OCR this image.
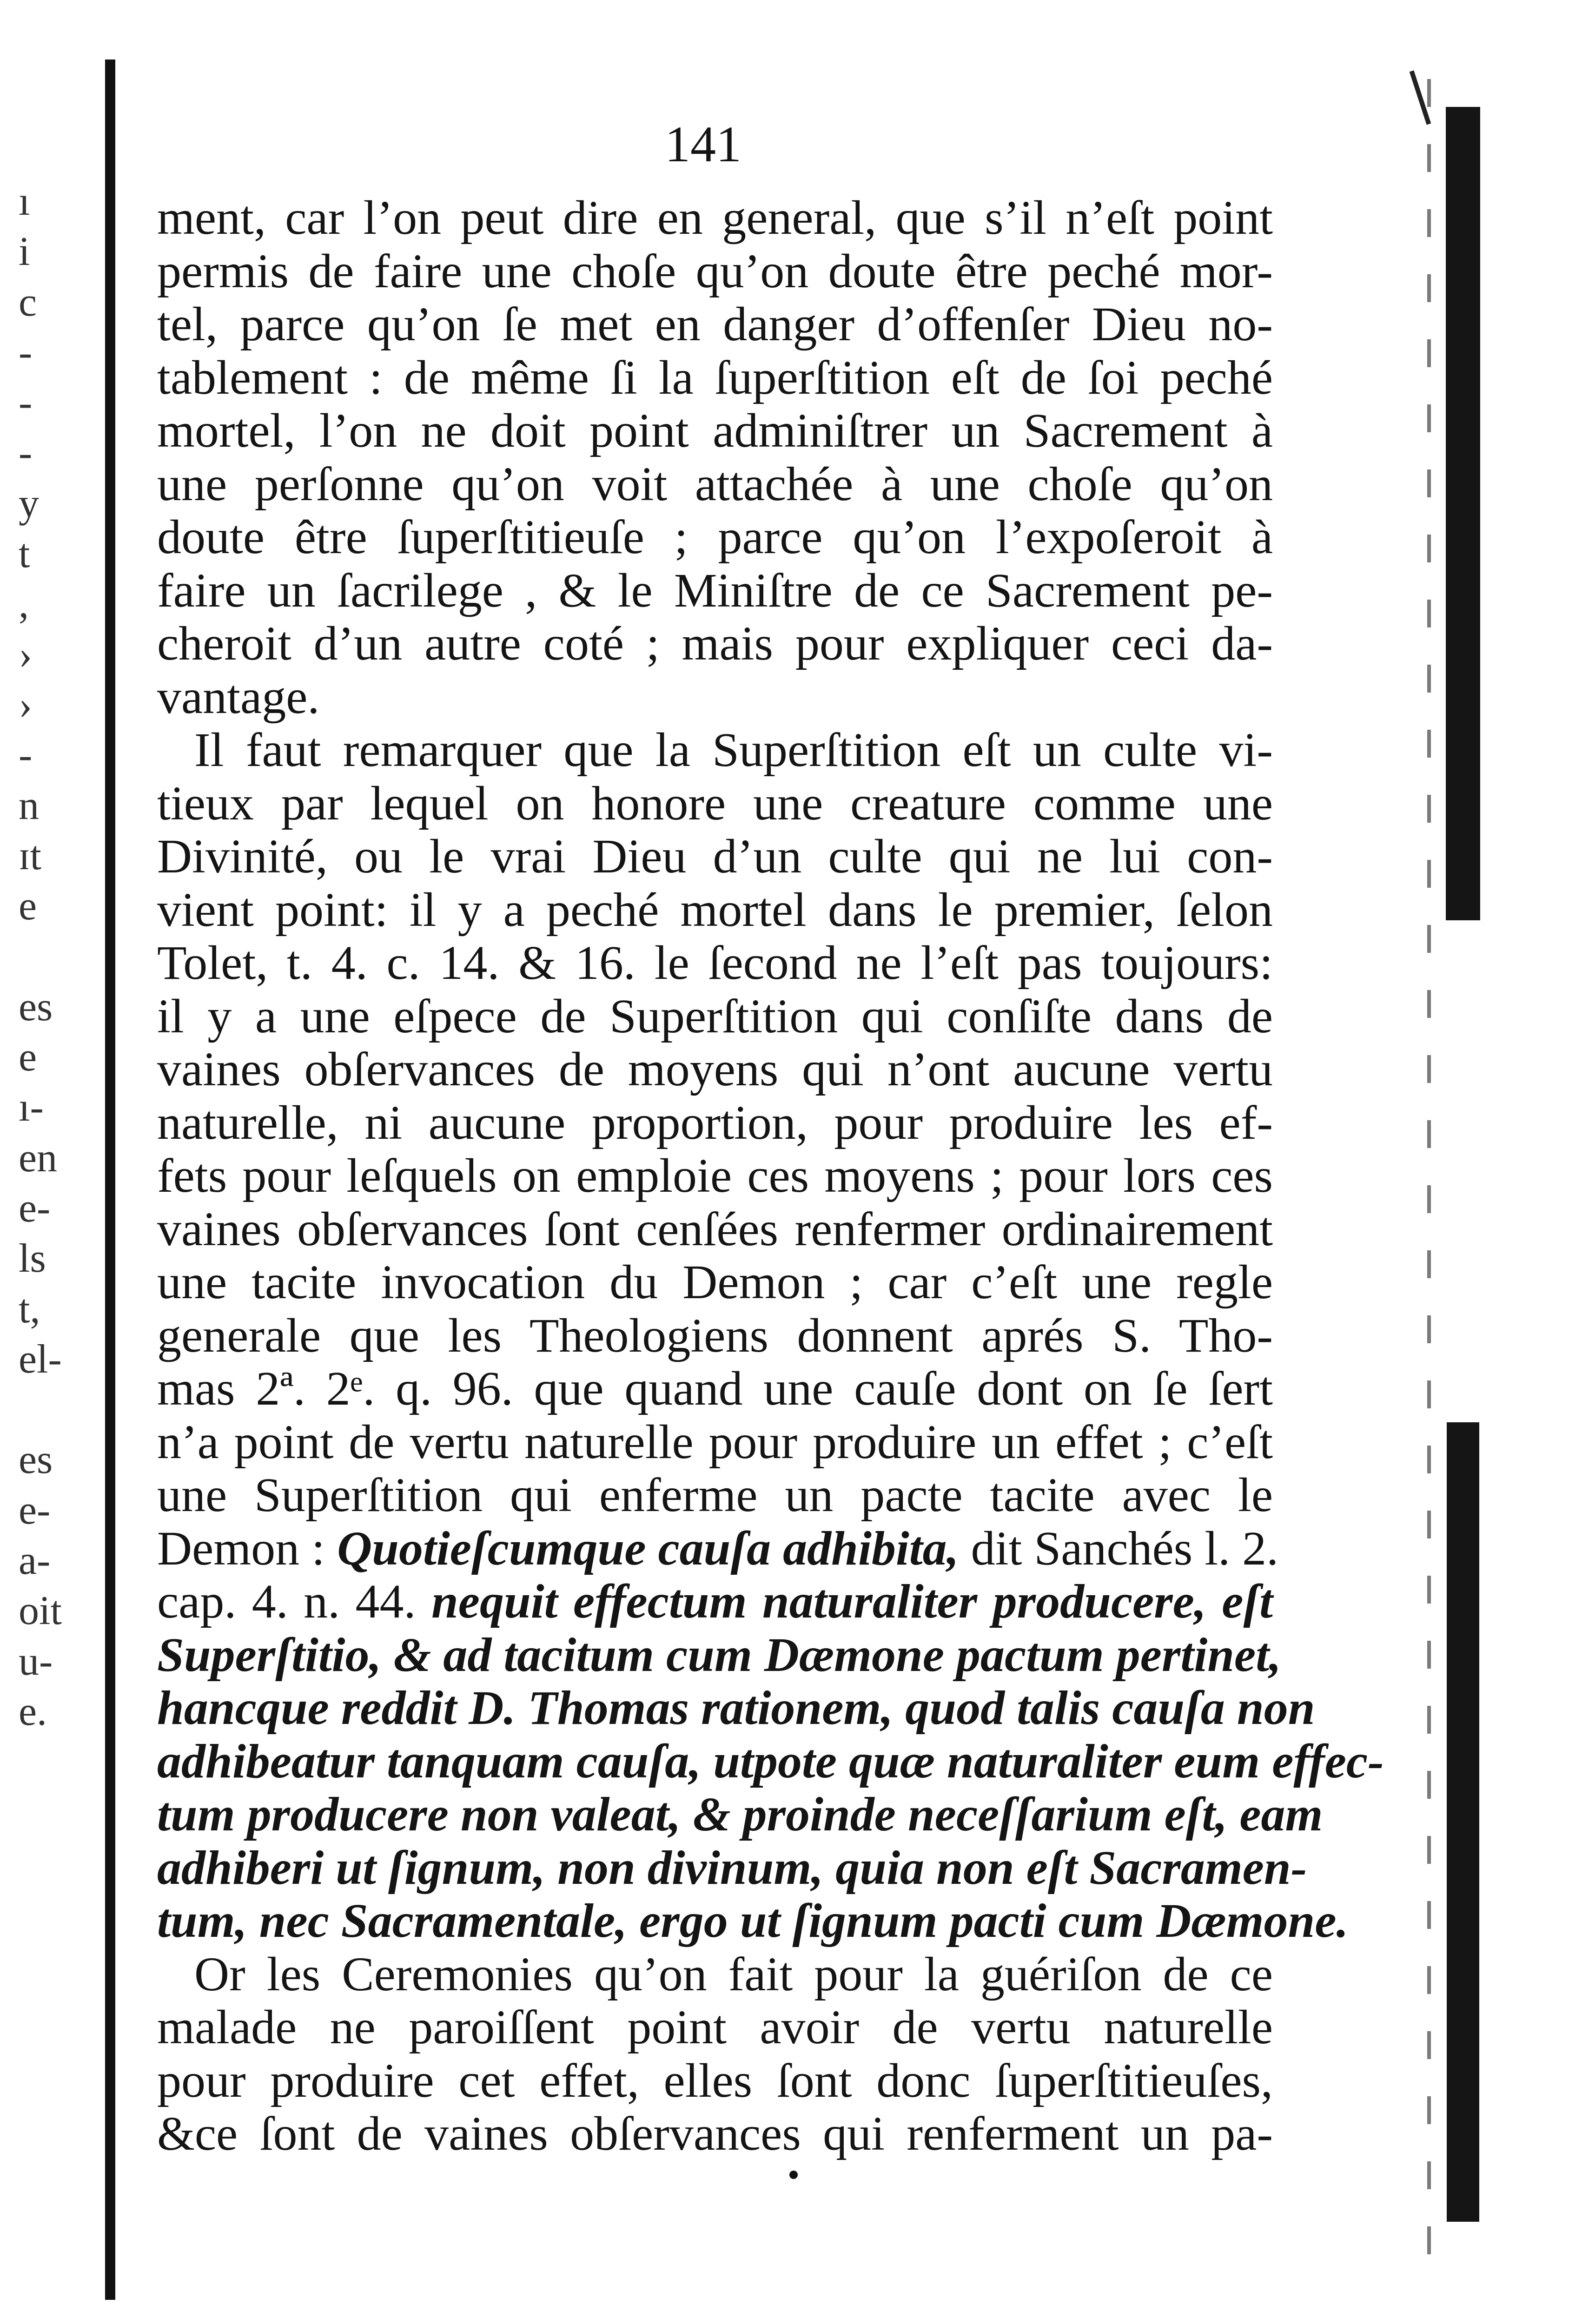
ı
i
c
-
-
-
y
t
,
›
›
-
n
ɪt
e
es
e
ı-
en
e-
ls
t,
el-
es
e-
a-
oit
u-
e.
141
ment, car l’on peut dire en general, que s’il n’eſt point
permis de faire une choſe qu’on doute être peché mor-
tel, parce qu’on ſe met en danger d’offenſer Dieu no-
tablement : de même ſi la ſuperſtition eſt de ſoi peché
mortel, l’on ne doit point adminiſtrer un Sacrement à
une perſonne qu’on voit attachée à une choſe qu’on
doute être ſuperſtitieuſe ; parce qu’on l’expoſeroit à
faire un ſacrilege , & le Miniſtre de ce Sacrement pe-
cheroit d’un autre coté ; mais pour expliquer ceci da-
vantage.
Il faut remarquer que la Superſtition eſt un culte vi-
tieux par lequel on honore une creature comme une
Divinité, ou le vrai Dieu d’un culte qui ne lui con-
vient point: il y a peché mortel dans le premier, ſelon
Tolet, t. 4. c. 14. & 16. le ſecond ne l’eſt pas toujours:
il y a une eſpece de Superſtition qui conſiſte dans de
vaines obſervances de moyens qui n’ont aucune vertu
naturelle, ni aucune proportion, pour produire les ef-
fets pour leſquels on emploie ces moyens ; pour lors ces
vaines obſervances ſont cenſées renfermer ordinairement
une tacite invocation du Demon ; car c’eſt une regle
generale que les Theologiens donnent aprés S. Tho-
mas 2ª. 2ᵉ. q. 96. que quand une cauſe dont on ſe ſert
n’a point de vertu naturelle pour produire un effet ; c’eſt
une Superſtition qui enferme un pacte tacite avec le
Demon : Quotieſcumque cauſa adhibita, dit Sanchés l. 2.
cap. 4. n. 44. nequit effectum naturaliter producere, eſt
Superſtitio, & ad tacitum cum Dæmone pactum pertinet,
hancque reddit D. Thomas rationem, quod talis cauſa non
adhibeatur tanquam cauſa, utpote quæ naturaliter eum effec-
tum producere non valeat, & proinde neceſſarium eſt, eam
adhiberi ut ſignum, non divinum, quia non eſt Sacramen-
tum, nec Sacramentale, ergo ut ſignum pacti cum Dæmone.
Or les Ceremonies qu’on fait pour la guériſon de ce
malade ne paroiſſent point avoir de vertu naturelle
pour produire cet effet, elles ſont donc ſuperſtitieuſes,
&ce ſont de vaines obſervances qui renferment un pa-
